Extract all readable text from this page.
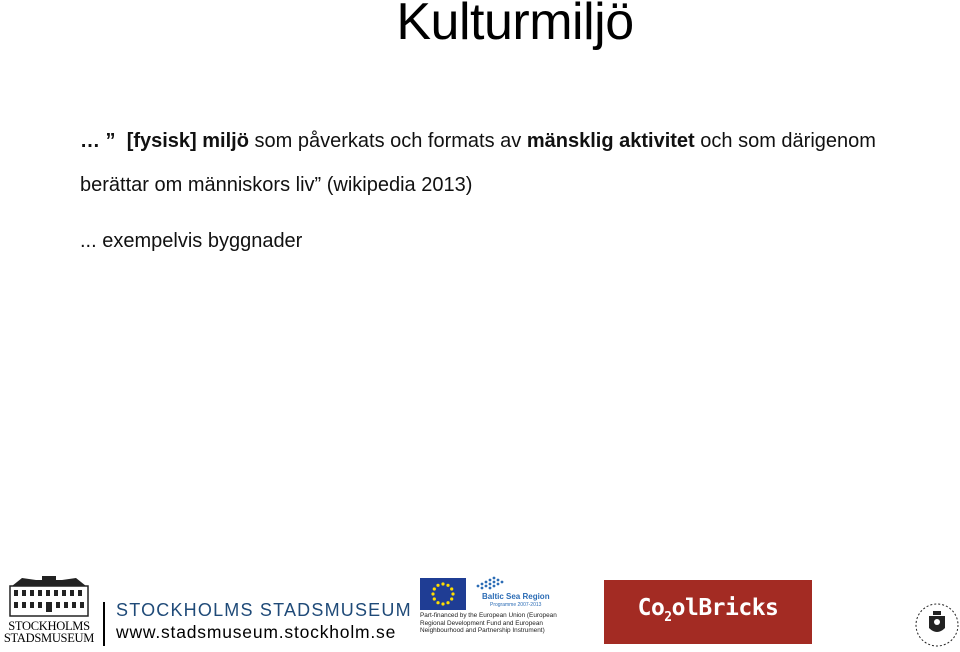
Kulturmiljö
… ” [fysisk] miljö som påverkats och formats av mänsklig aktivitet och som därigenom
berättar om människors liv” (wikipedia 2013)
... exempelvis byggnader
STOCKHOLMS
STADSMUSEUM
STOCKHOLMS STADSMUSEUM
www.stadsmuseum.stockholm.se
Baltic Sea Region
Programme 2007-2013
Part-financed by the European Union (European Regional Development Fund and European Neighbourhood and Partnership Instrument)
$Co_2olBricks$
